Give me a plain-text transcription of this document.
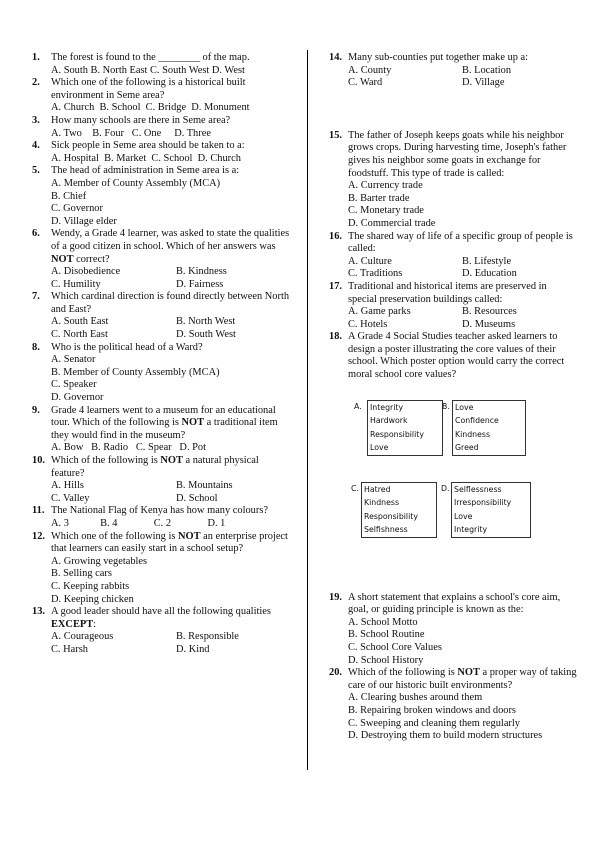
1.	The forest is found to the ________ of the map.
A. South B. North East C. South West D. West
2.	Which one of the following is a historical built environment in Seme area?
A. Church  B. School  C. Bridge  D. Monument
3.	How many schools are there in Seme area?
A. Two    B. Four   C. One     D. Three
4.	Sick people in Seme area should be taken to a:
A. Hospital  B. Market  C. School  D. Church
5.	The head of administration in Seme area is a:
A. Member of County Assembly (MCA)
B. Chief
C. Governor
D. Village elder
6.	Wendy, a Grade 4 learner, was asked to state the qualities of a good citizen in school. Which of her answers was NOT correct?
A. Disobedience	B. Kindness
C. Humility	D. Fairness
7.	Which cardinal direction is found directly between North and East?
A. South East	B. North West
C. North East	D. South West
8.	Who is the political head of a Ward?
A. Senator
B. Member of County Assembly (MCA)
C. Speaker
D. Governor
9.	Grade 4 learners went to a museum for an educational tour. Which of the following is NOT a traditional item they would find in the museum?
A. Bow   B. Radio   C. Spear   D. Pot
10. Which of the following is NOT a natural physical feature?
A. Hills	B. Mountains
C. Valley	D. School
11. The National Flag of Kenya has how many colours?
A. 3            B. 4              C. 2              D. 1
12. Which one of the following is NOT an enterprise project that learners can easily start in a school setup?
A. Growing vegetables
B. Selling cars
C. Keeping rabbits
D. Keeping chicken
13. A good leader should have all the following qualities EXCEPT:
A. Courageous	B. Responsible
C. Harsh	D. Kind
14. Many sub-counties put together make up a:
A. County	B. Location
C. Ward	D. Village
15. The father of Joseph keeps goats while his neighbor grows crops. During harvesting time, Joseph's father gives his neighbor some goats in exchange for foodstuff. This type of trade is called:
A. Currency trade
B. Barter trade
C. Monetary trade
D. Commercial trade
16. The shared way of life of a specific group of people is called:
A. Culture	B. Lifestyle
C. Traditions	D. Education
17. Traditional and historical items are preserved in special preservation buildings called:
A. Game parks	B. Resources
C. Hotels	D. Museums
18. A Grade 4 Social Studies teacher asked learners to design a poster illustrating the core values of their school. Which poster option would carry the correct moral school core values?
A. Integrity
Hardwork
Responsibility
Love
B. Love
Confidence
Kindness
Greed
C. Hatred
Kindness
Responsibility
Selfishness
D. Selflessness
Irresponsibility
Love
Integrity
19. A short statement that explains a school's core aim, goal, or guiding principle is known as the:
A. School Motto
B. School Routine
C. School Core Values
D. School History
20. Which of the following is NOT a proper way of taking care of our historic built environments?
A. Clearing bushes around them
B. Repairing broken windows and doors
C. Sweeping and cleaning them regularly
D. Destroying them to build modern structures
